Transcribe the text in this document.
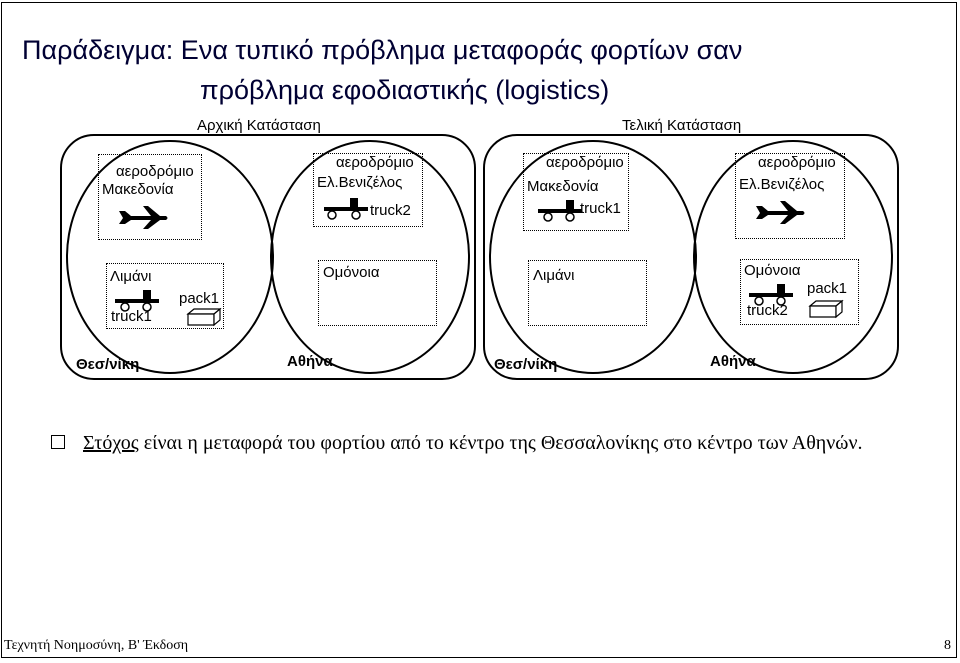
Παράδειγμα: Ενα τυπικό πρόβλημα μεταφοράς φορτίων σαν
πρόβλημα εφοδιαστικής (logistics)
Αρχική Κατάσταση	Τελική Κατάσταση
αεροδρόμιο
Μακεδονία
αεροδρόμιο
Ελ.Βενιζέλος
truck2
Λιμάνι
truck1
pack1
Ομόνοια
Θεσ/νίκη	Αθήνα
αεροδρόμιο
Μακεδονία
truck1
αεροδρόμιο
Ελ.Βενιζέλος
Λιμάνι	Ομόνοια
pack1
truck2
Θεσ/νίκη	Αθήνα
Στόχος είναι η μεταφορά του φορτίου από το κέντρο της Θεσσαλονίκης στο κέντρο των Αθηνών.
Τεχνητή Νοημοσύνη, B' Έκδοση	8
